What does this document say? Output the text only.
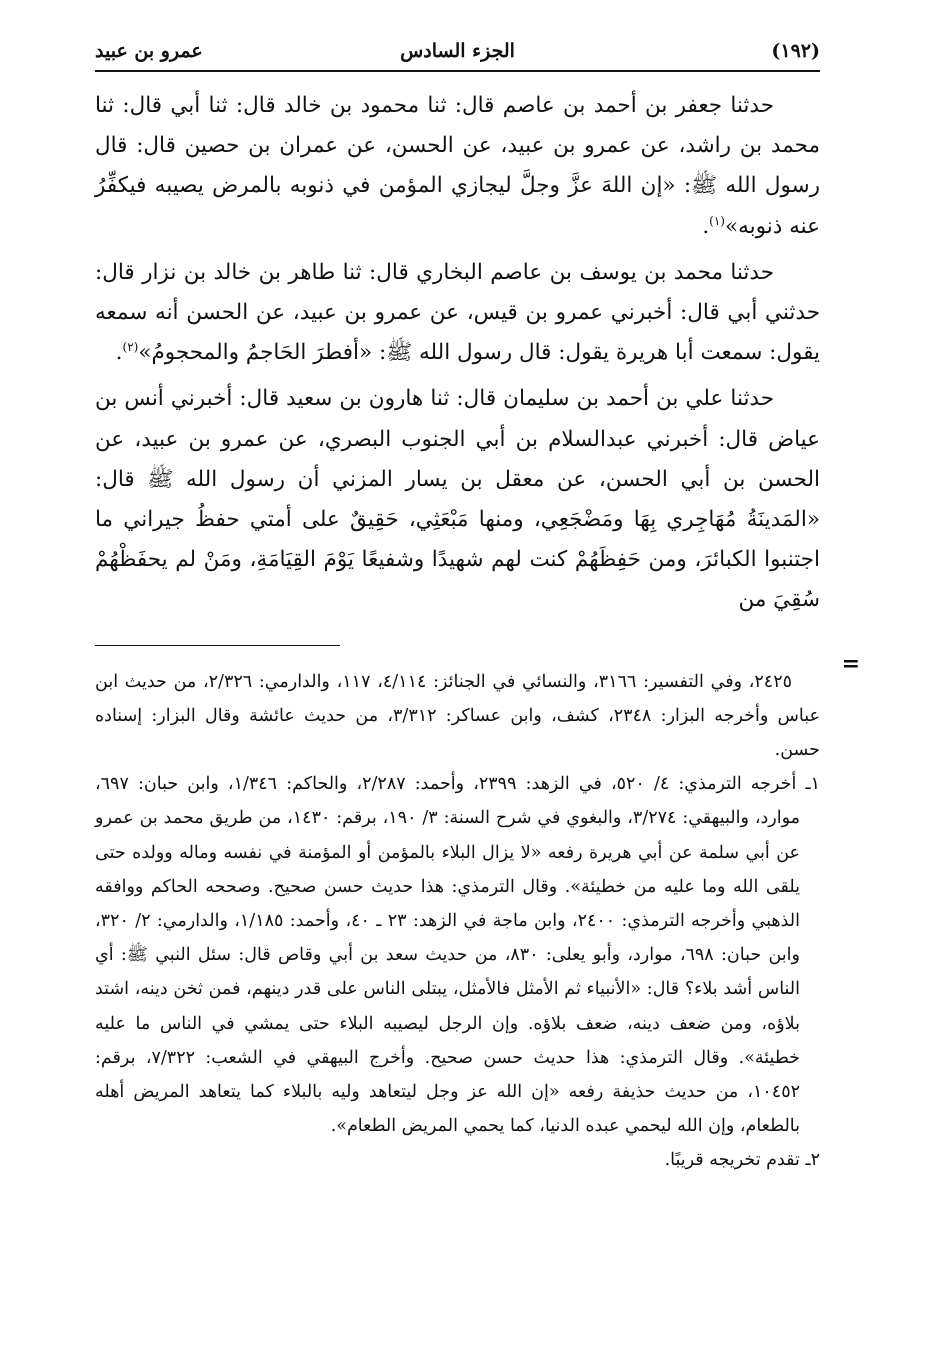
(١٩٢)
الجزء السادس
عمرو بن عبيد

حدثنا جعفر بن أحمد بن عاصم قال: ثنا محمود بن خالد قال: ثنا أبي قال: ثنا محمد بن راشد، عن عمرو بن عبيد، عن الحسن، عن عمران بن حصين قال: قال رسول الله ﷺ: «إن اللهَ عزَّ وجلَّ ليجازي المؤمن في ذنوبه بالمرض يصيبه فيكفِّرُ عنه ذنوبه»$^{(١)}$.

حدثنا محمد بن يوسف بن عاصم البخاري قال: ثنا طاهر بن خالد بن نزار قال: حدثني أبي قال: أخبرني عمرو بن قيس، عن عمرو بن عبيد، عن الحسن أنه سمعه يقول: سمعت أبا هريرة يقول: قال رسول الله ﷺ: «أفطرَ الحَاجمُ والمحجومُ»$^{(٢)}$.

حدثنا علي بن أحمد بن سليمان قال: ثنا هارون بن سعيد قال: أخبرني أنس بن عياض قال: أخبرني عبدالسلام بن أبي الجنوب البصري، عن عمرو بن عبيد، عن الحسن بن أبي الحسن، عن معقل بن يسار المزني أن رسول الله ﷺ قال: «المَدينَةُ مُهَاجِري بِهَا ومَضْجَعِي، ومنها مَبْعَثِي، حَقِيقٌ على أمتي حفظُ جيراني ما اجتنبوا الكبائرَ، ومن حَفِظَهُمْ كنت لهم شهيدًا وشفيعًا يَوْمَ القِيَامَةِ، ومَنْ لم يحفَظْهُمْ سُقِيَ من

=

٢٤٢٥، وفي التفسير: ٣١٦٦، والنسائي في الجنائز: ٤/١١٤، ١١٧، والدارمي: ٢/٣٢٦، من حديث ابن عباس وأخرجه البزار: ٢٣٤٨، كشف، وابن عساكر: ٣/٣١٢، من حديث عائشة وقال البزار: إسناده حسن.

١ـ أخرجه الترمذي: ٤/ ٥٢٠، في الزهد: ٢٣٩٩، وأحمد: ٢/٢٨٧، والحاكم: ١/٣٤٦، وابن حبان: ٦٩٧، موارد، والبيهقي: ٣/٢٧٤، والبغوي في شرح السنة: ٣/ ١٩٠، برقم: ١٤٣٠، من طريق محمد بن عمرو عن أبي سلمة عن أبي هريرة رفعه «لا يزال البلاء بالمؤمن أو المؤمنة في نفسه وماله وولده حتى يلقى الله وما عليه من خطيئة». وقال الترمذي: هذا حديث حسن صحيح. وصححه الحاكم ووافقه الذهبي وأخرجه الترمذي: ٢٤٠٠، وابن ماجة في الزهد: ٢٣ ـ ٤٠، وأحمد: ١/١٨٥، والدارمي: ٢/ ٣٢٠، وابن حبان: ٦٩٨، موارد، وأبو يعلى: ٨٣٠، من حديث سعد بن أبي وقاص قال: سئل النبي ﷺ: أي الناس أشد بلاء؟ قال: «الأنبياء ثم الأمثل فالأمثل، يبتلى الناس على قدر دينهم، فمن ثخن دينه، اشتد بلاؤه، ومن ضعف دينه، ضعف بلاؤه. وإن الرجل ليصيبه البلاء حتى يمشي في الناس ما عليه خطيئة». وقال الترمذي: هذا حديث حسن صحيح. وأخرج البيهقي في الشعب: ٧/٣٢٢، برقم: ١٠٤٥٢، من حديث حذيفة رفعه «إن الله عز وجل ليتعاهد وليه بالبلاء كما يتعاهد المريض أهله بالطعام، وإن الله ليحمي عبده الدنيا، كما يحمي المريض الطعام».

٢ـ تقدم تخريجه قريبًا.
